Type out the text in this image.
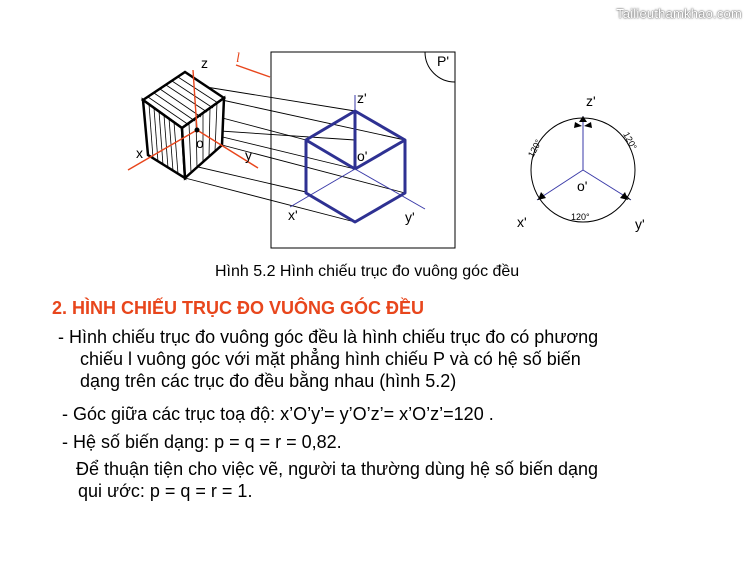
Tailieuthamkhao.com
P'
z
x	y
o
l
z'
o'
x'	y'
z'
o'
x'	y'
120°	120°
120°
Hình 5.2 Hình chiếu trục đo vuông góc đều
2. HÌNH CHIẾU TRỤC ĐO VUÔNG GÓC ĐỀU
- Hình chiếu trục đo vuông góc đều là hình chiếu trục đo có phương
chiếu l vuông góc với mặt phẳng hình chiếu P và có hệ số biến
dạng trên các trục đo đều bằng nhau (hình 5.2)
- Góc giữa các trục toạ độ: x’O’y’= y’O’z’= x’O’z’=120 .
- Hệ số biến dạng: p = q = r = 0,82.
Để thuận tiện cho việc vẽ, người ta thường dùng hệ số biến dạng
qui ước: p = q = r = 1.
